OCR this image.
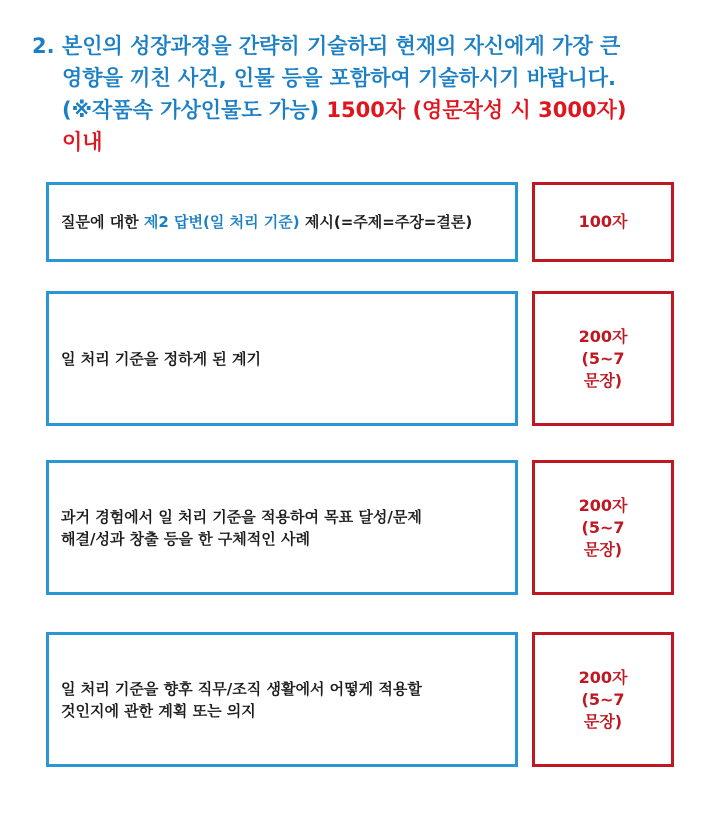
2. 본인의 성장과정을 간략히 기술하되 현재의 자신에게 가장 큰
영향을 끼친 사건, 인물 등을 포함하여 기술하시기 바랍니다.
(※작품속 가상인물도 가능) 1500자 (영문작성 시 3000자)
이내
질문에 대한 제2 답변(일 처리 기준) 제시(=주제=주장=결론)	100자
일 처리 기준을 정하게 된 계기
200자
(5~7
문장)
과거 경험에서 일 처리 기준을 적용하여 목표 달성/문제
해결/성과 창출 등을 한 구체적인 사례
200자
(5~7
문장)
일 처리 기준을 향후 직무/조직 생활에서 어떻게 적용할
것인지에 관한 계획 또는 의지
200자
(5~7
문장)
